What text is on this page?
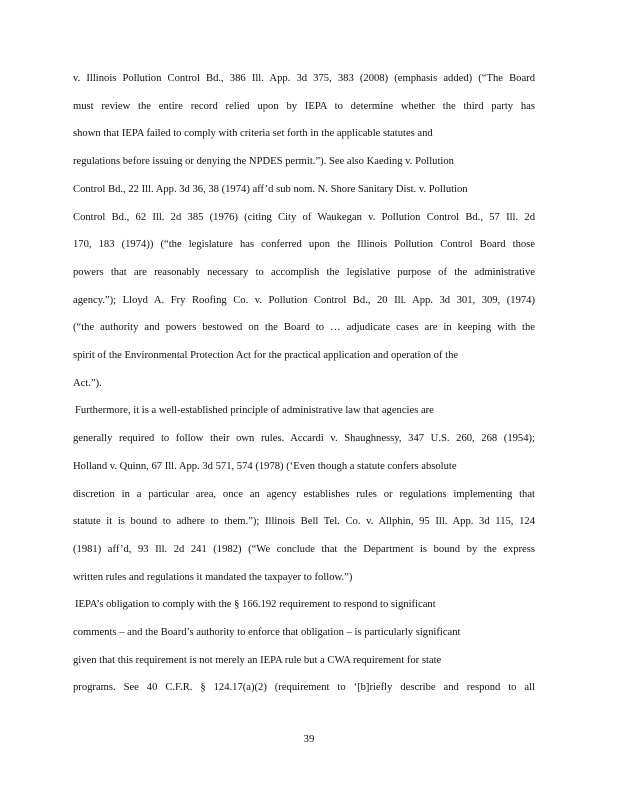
v. Illinois Pollution Control Bd., 386 Ill. App. 3d 375, 383 (2008) (emphasis added) (“The Board
must review the entire record relied upon by IEPA to determine whether the third party has
shown that IEPA failed to comply with criteria set forth in the applicable statutes and
regulations before issuing or denying the NPDES permit.”). See also Kaeding v. Pollution
Control Bd., 22 Ill. App. 3d 36, 38 (1974) aff’d sub nom. N. Shore Sanitary Dist. v. Pollution
Control Bd., 62 Ill. 2d 385 (1976) (citing City of Waukegan v. Pollution Control Bd., 57 Ill. 2d
170, 183 (1974)) (“the legislature has conferred upon the Illinois Pollution Control Board those
powers that are reasonably necessary to accomplish the legislative purpose of the administrative
agency.”); Lloyd A. Fry Roofing Co. v. Pollution Control Bd., 20 Ill. App. 3d 301, 309, (1974)
(“the authority and powers bestowed on the Board to … adjudicate cases are in keeping with the
spirit of the Environmental Protection Act for the practical application and operation of the
Act.”).
Furthermore, it is a well-established principle of administrative law that agencies are
generally required to follow their own rules. Accardi v. Shaughnessy, 347 U.S. 260, 268 (1954);
Holland v. Quinn, 67 Ill. App. 3d 571, 574 (1978) (‘Even though a statute confers absolute
discretion in a particular area, once an agency establishes rules or regulations implementing that
statute it is bound to adhere to them.”); Illinois Bell Tel. Co. v. Allphin, 95 Ill. App. 3d 115, 124
(1981) aff’d, 93 Ill. 2d 241 (1982) (“We conclude that the Department is bound by the express
written rules and regulations it mandated the taxpayer to follow.”)
IEPA’s obligation to comply with the § 166.192 requirement to respond to significant
comments – and the Board’s authority to enforce that obligation – is particularly significant
given that this requirement is not merely an IEPA rule but a CWA requirement for state
programs. See 40 C.F.R. § 124.17(a)(2) (requirement to ‘[b]riefly describe and respond to all
39
